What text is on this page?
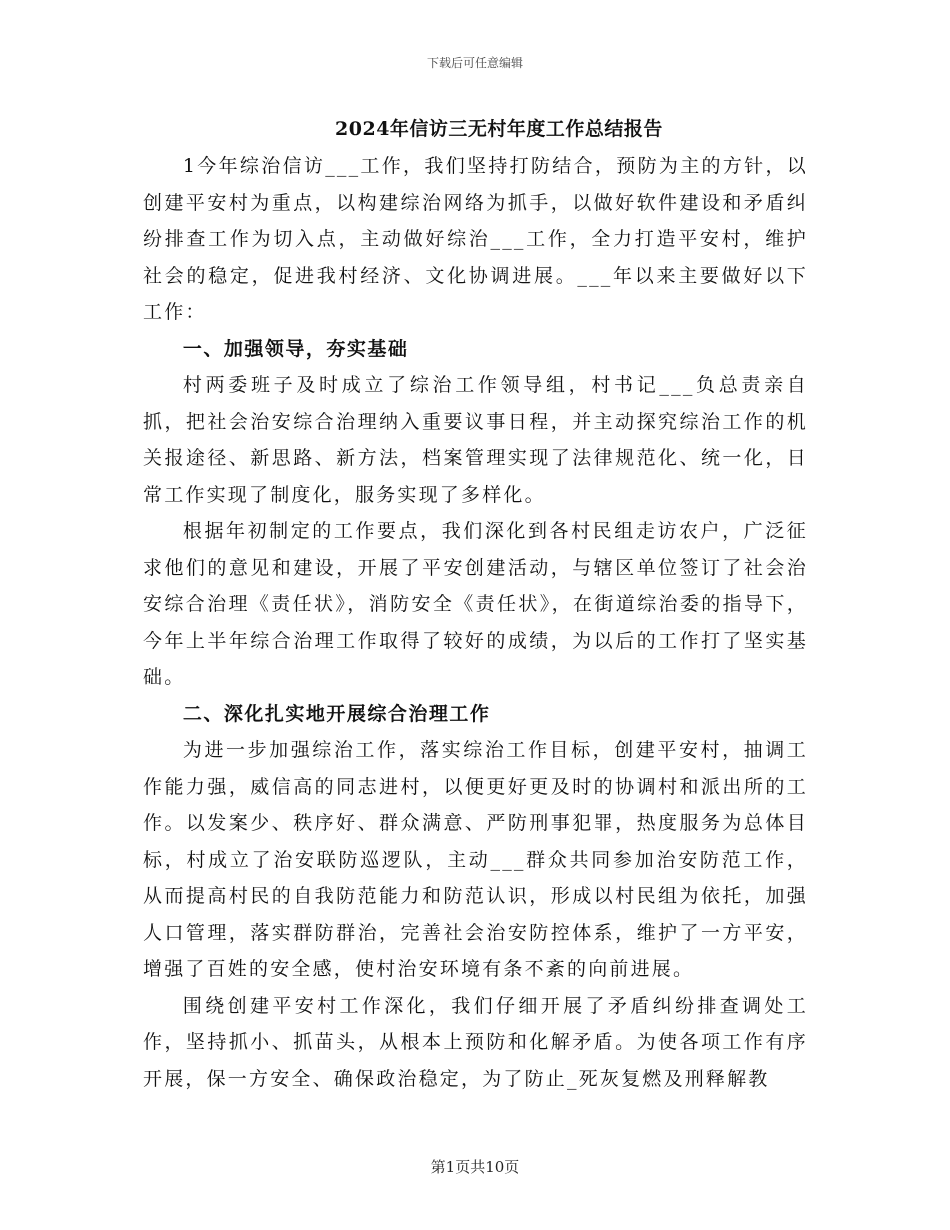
下载后可任意编辑
2024年信访三无村年度工作总结报告

1今年综治信访___工作，我们坚持打防结合，预防为主的方针，以创建平安村为重点，以构建综治网络为抓手，以做好软件建设和矛盾纠纷排查工作为切入点，主动做好综治___工作，全力打造平安村，维护社会的稳定，促进我村经济、文化协调进展。___年以来主要做好以下工作：

一、加强领导，夯实基础

村两委班子及时成立了综治工作领导组，村书记___负总责亲自抓，把社会治安综合治理纳入重要议事日程，并主动探究综治工作的机关报途径、新思路、新方法，档案管理实现了法律规范化、统一化，日常工作实现了制度化，服务实现了多样化。

根据年初制定的工作要点，我们深化到各村民组走访农户，广泛征求他们的意见和建设，开展了平安创建活动，与辖区单位签订了社会治安综合治理《责任状》，消防安全《责任状》，在街道综治委的指导下，今年上半年综合治理工作取得了较好的成绩，为以后的工作打了坚实基础。

二、深化扎实地开展综合治理工作

为进一步加强综治工作，落实综治工作目标，创建平安村，抽调工作能力强，威信高的同志进村，以便更好更及时的协调村和派出所的工作。以发案少、秩序好、群众满意、严防刑事犯罪，热度服务为总体目标，村成立了治安联防巡逻队，主动___群众共同参加治安防范工作，从而提高村民的自我防范能力和防范认识，形成以村民组为依托，加强人口管理，落实群防群治，完善社会治安防控体系，维护了一方平安，增强了百姓的安全感，使村治安环境有条不紊的向前进展。

围绕创建平安村工作深化，我们仔细开展了矛盾纠纷排查调处工作，坚持抓小、抓苗头，从根本上预防和化解矛盾。为使各项工作有序开展，保一方安全、确保政治稳定，为了防止_死灰复燃及刑释解教

第1页共10页
